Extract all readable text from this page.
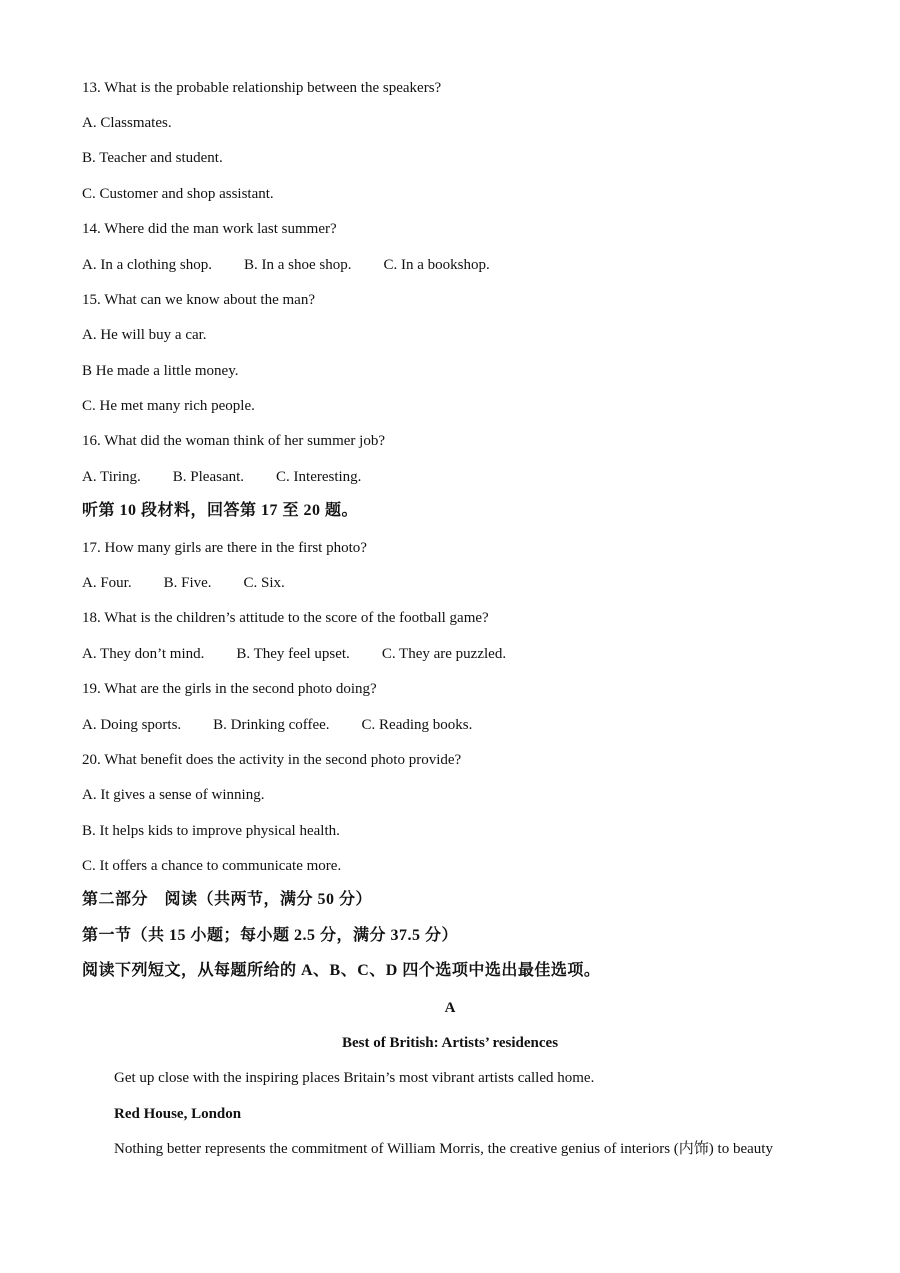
13. What is the probable relationship between the speakers?
A. Classmates.
B. Teacher and student.
C. Customer and shop assistant.
14. Where did the man work last summer?
A. In a clothing shop. B. In a shoe shop. C. In a bookshop.
15. What can we know about the man?
A. He will buy a car.
B He made a little money.
C. He met many rich people.
16. What did the woman think of her summer job?
A. Tiring. B. Pleasant. C. Interesting.
听第 10 段材料，回答第 17 至 20 题。
17. How many girls are there in the first photo?
A. Four. B. Five. C. Six.
18. What is the children’s attitude to the score of the football game?
A. They don’t mind. B. They feel upset. C. They are puzzled.
19. What are the girls in the second photo doing?
A. Doing sports. B. Drinking coffee. C. Reading books.
20. What benefit does the activity in the second photo provide?
A. It gives a sense of winning.
B. It helps kids to improve physical health.
C. It offers a chance to communicate more.
第二部分　阅读（共两节，满分 50 分）
第一节（共 15 小题；每小题 2.5 分，满分 37.5 分）
阅读下列短文，从每题所给的 A、B、C、D 四个选项中选出最佳选项。
A
Best of British: Artists’ residences
Get up close with the inspiring places Britain’s most vibrant artists called home.
Red House, London
Nothing better represents the commitment of William Morris, the creative genius of interiors (内饰) to beauty
